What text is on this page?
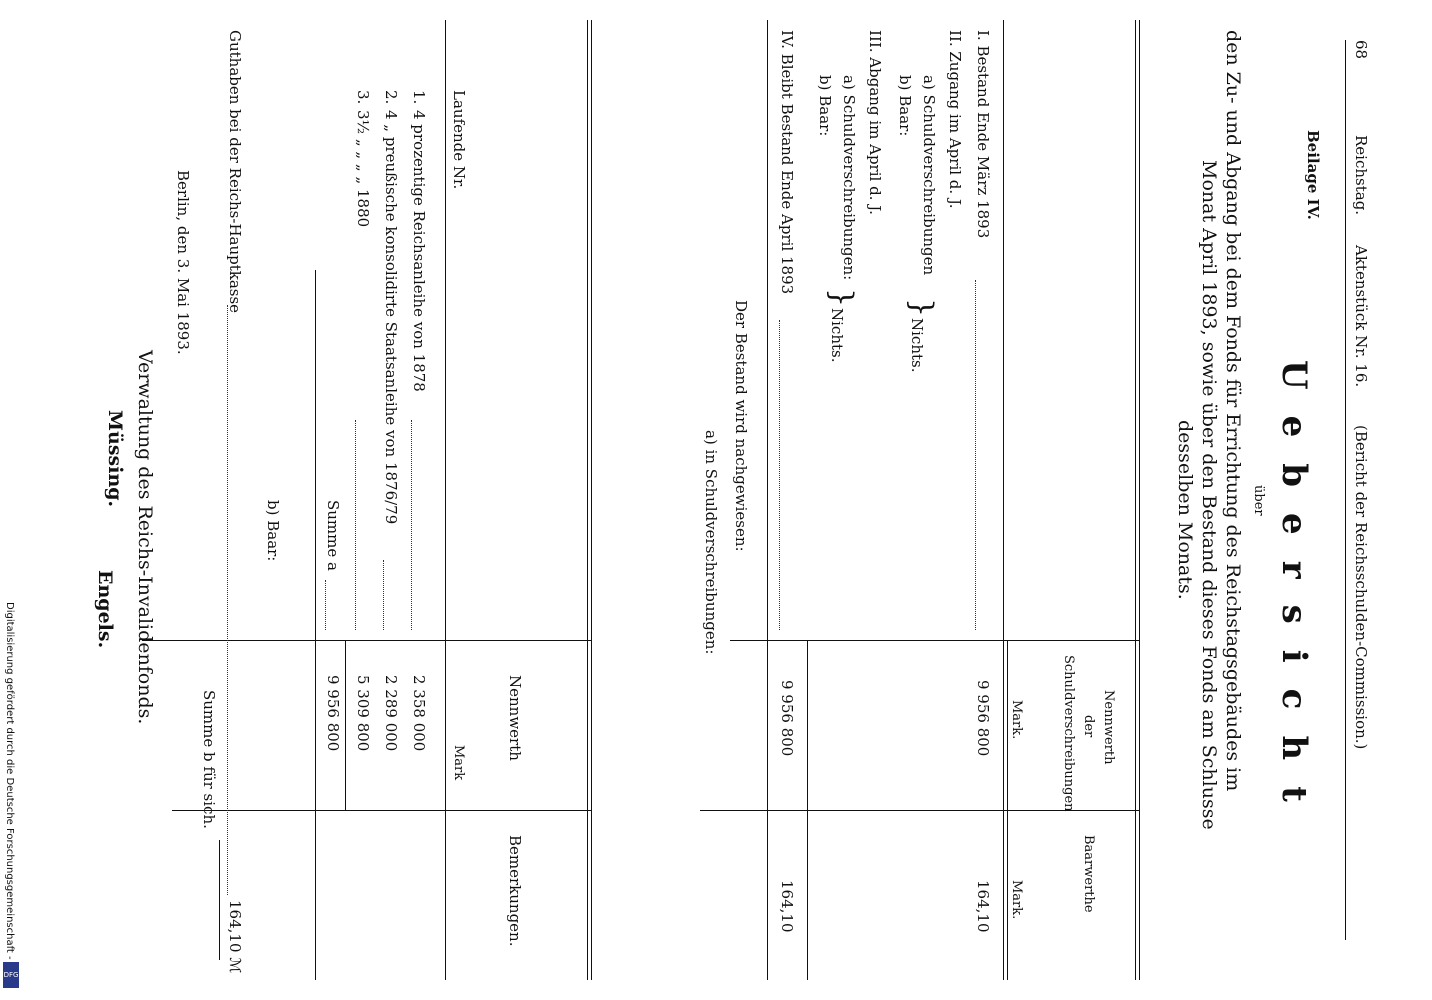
68
Reichstag.
Aktenstück Nr. 16.
(Bericht der Reichsschulden-Commission.)
Beilage IV.
Uebersicht
über
den Zu- und Abgang bei dem Fonds für Errichtung des Reichstagsgebäudes im
Monat April 1893, sowie über den Bestand dieses Fonds am Schlusse
desselben Monats.
Nennwerth
der
Schuldverschreibungen
Mark.
Baarwerthe
Mark.
I. Bestand Ende März 1893
9 956 800
164,10
II. Zugang im April d. J.
a) Schuldverschreibungen
b) Baar:
}
Nichts.
III. Abgang im April d. J.
a) Schuldverschreibungen:
b) Baar:
}
Nichts.
IV. Bleibt Bestand Ende April 1893
9 956 800
164,10
Der Bestand wird nachgewiesen:
a) in Schuldverschreibungen:
Laufende Nr.
Nennwerth
Mark
Bemerkungen.
1.
4 prozentige Reichsanleihe von 1878
2 358 000
2.
4 „ preußische konsolidirte Staatsanleihe von 1876/79
2 289 000
3.
3½ „ „ „ „ 1880
5 309 800
Summe a
9 956 800
b) Baar:
Guthaben bei der Reichs-Hauptkasse
164,10 ℳ
Summe b für sich.
Berlin, den 3. Mai 1893.
Verwaltung des Reichs-Invalidenfonds.
Müssing.
Engels.
Digitalisierung gefördert durch die Deutsche Forschungsgemeinschaft -
DFG
